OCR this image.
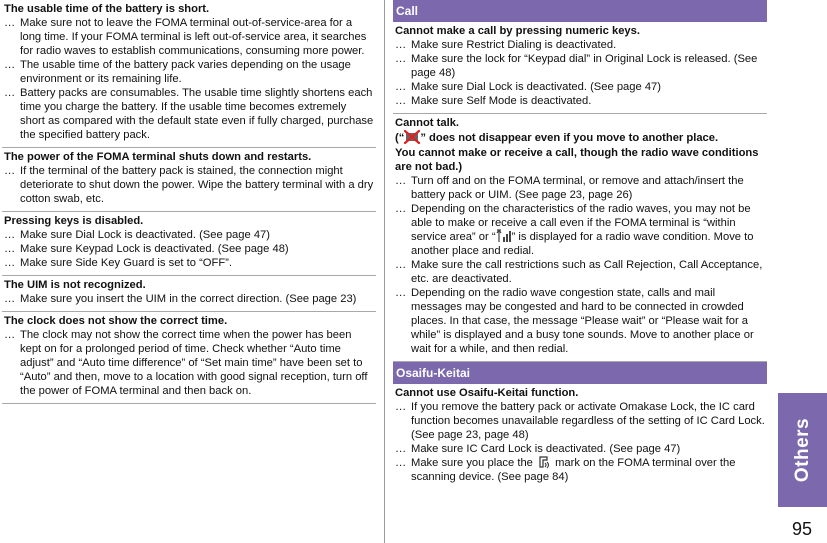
The usable time of the battery is short.
… Make sure not to leave the FOMA terminal out-of-service-area for a long time. If your FOMA terminal is left out-of-service area, it searches for radio waves to establish communications, consuming more power.
… The usable time of the battery pack varies depending on the usage environment or its remaining life.
… Battery packs are consumables. The usable time slightly shortens each time you charge the battery. If the usable time becomes extremely short as compared with the default state even if fully charged, purchase the specified battery pack.
The power of the FOMA terminal shuts down and restarts.
… If the terminal of the battery pack is stained, the connection might deteriorate to shut down the power. Wipe the battery terminal with a dry cotton swab, etc.
Pressing keys is disabled.
… Make sure Dial Lock is deactivated. (See page 47)
… Make sure Keypad Lock is deactivated. (See page 48)
… Make sure Side Key Guard is set to “OFF”.
The UIM is not recognized.
… Make sure you insert the UIM in the correct direction. (See page 23)
The clock does not show the correct time.
… The clock may not show the correct time when the power has been kept on for a prolonged period of time. Check whether “Auto time adjust” and “Auto time difference” of “Set main time” have been set to “Auto” and then, move to a location with good signal reception, turn off the power of FOMA terminal and then back on.
Call
Cannot make a call by pressing numeric keys.
… Make sure Restrict Dialing is deactivated.
… Make sure the lock for “Keypad dial” in Original Lock is released. (See page 48)
… Make sure Dial Lock is deactivated. (See page 47)
… Make sure Self Mode is deactivated.
Cannot talk.
(“ ” does not disappear even if you move to another place.
You cannot make or receive a call, though the radio wave conditions are not bad.)
… Turn off and on the FOMA terminal, or remove and attach/insert the battery pack or UIM. (See page 23, page 26)
… Depending on the characteristics of the radio waves, you may not be able to make or receive a call even if the FOMA terminal is “within service area” or “ ” is displayed for a radio wave condition. Move to another place and redial.
… Make sure the call restrictions such as Call Rejection, Call Acceptance, etc. are deactivated.
… Depending on the radio wave congestion state, calls and mail messages may be congested and hard to be connected in crowded places. In that case, the message “Please wait” or “Please wait for a while” is displayed and a busy tone sounds. Move to another place or wait for a while, and then redial.
Osaifu-Keitai
Cannot use Osaifu-Keitai function.
… If you remove the battery pack or activate Omakase Lock, the IC card function becomes unavailable regardless of the setting of IC Card Lock. (See page 23, page 48)
… Make sure IC Card Lock is deactivated. (See page 47)
… Make sure you place the  mark on the FOMA terminal over the scanning device. (See page 84)	Others
95
